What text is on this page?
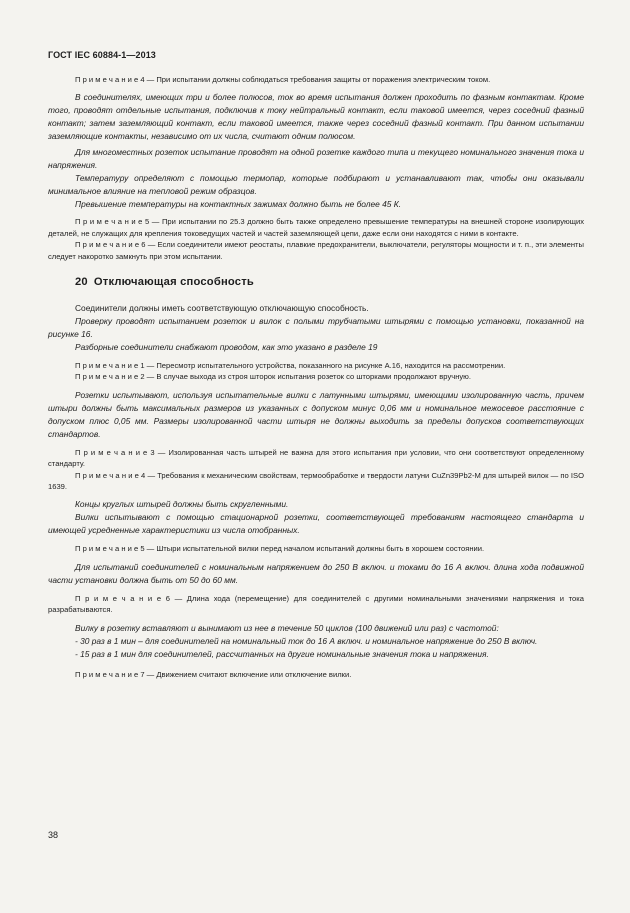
ГОСТ IEC 60884-1—2013

П р и м е ч а н и е 4 — При испытании должны соблюдаться требования защиты от поражения электрическим током.

В соединителях, имеющих три и более полюсов, ток во время испытания должен проходить по фазным контактам. Кроме того, проводят отдельные испытания, подключив к току нейтральный контакт, если таковой имеется, через соседний фазный контакт; затем заземляющий контакт, если таковой имеется, также через соседний фазный контакт. При данном испытании заземляющие контакты, независимо от их числа, считают одним полюсом.

Для многоместных розеток испытание проводят на одной розетке каждого типа и текущего номинального значения тока и напряжения.

Температуру определяют с помощью термопар, которые подбирают и устанавливают так, чтобы они оказывали минимальное влияние на тепловой режим образцов.

Превышение температуры на контактных зажимах должно быть не более 45 К.

П р и м е ч а н и е 5 — При испытании по 25.3 должно быть также определено превышение температуры на внешней стороне изолирующих деталей, не служащих для крепления токоведущих частей и частей заземляющей цепи, даже если они находятся с ними в контакте.

П р и м е ч а н и е 6 — Если соединители имеют реостаты, плавкие предохранители, выключатели, регуляторы мощности и т. п., эти элементы следует накоротко замкнуть при этом испытании.

20 Отключающая способность

Соединители должны иметь соответствующую отключающую способность.

Проверку проводят испытанием розеток и вилок с полыми трубчатыми штырями с помощью установки, показанной на рисунке 16.

Разборные соединители снабжают проводом, как это указано в разделе 19

П р и м е ч а н и е 1 — Пересмотр испытательного устройства, показанного на рисунке А.16, находится на рассмотрении.

П р и м е ч а н и е 2 — В случае выхода из строя шторок испытания розеток со шторками продолжают вручную.

Розетки испытывают, используя испытательные вилки с латунными штырями, имеющими изолированную часть, причем штыри должны быть максимальных размеров из указанных с допуском минус 0,06 мм и номинальное межосевое расстояние с допуском плюс 0,05 мм. Размеры изолированной части штыря не должны выходить за пределы допусков соответствующих стандартов.

П р и м е ч а н и е 3 — Изолированная часть штырей не важна для этого испытания при условии, что они соответствуют определенному стандарту.

П р и м е ч а н и е 4 — Требования к механическим свойствам, термообработке и твердости латуни CuZn39Pb2-M для штырей вилок — по ISO 1639.

Концы круглых штырей должны быть скругленными.

Вилки испытывают с помощью стационарной розетки, соответствующей требованиям настоящего стандарта и имеющей усредненные характеристики из числа отобранных.

П р и м е ч а н и е 5 — Штыри испытательной вилки перед началом испытаний должны быть в хорошем состоянии.

Для испытаний соединителей с номинальным напряжением до 250 В включ. и токами до 16 А включ. длина хода подвижной части установки должна быть от 50 до 60 мм.

П р и м е ч а н и е 6 — Длина хода (перемещение) для соединителей с другими номинальными значениями напряжения и тока разрабатываются.

Вилку в розетку вставляют и вынимают из нее в течение 50 циклов (100 движений или раз) с частотой:

- 30 раз в 1 мин – для соединителей на номинальный ток до 16 А включ. и номинальное напряжение до 250 В включ.

- 15 раз в 1 мин для соединителей, рассчитанных на другие номинальные значения тока и напряжения.

П р и м е ч а н и е 7 — Движением считают включение или отключение вилки.

38
